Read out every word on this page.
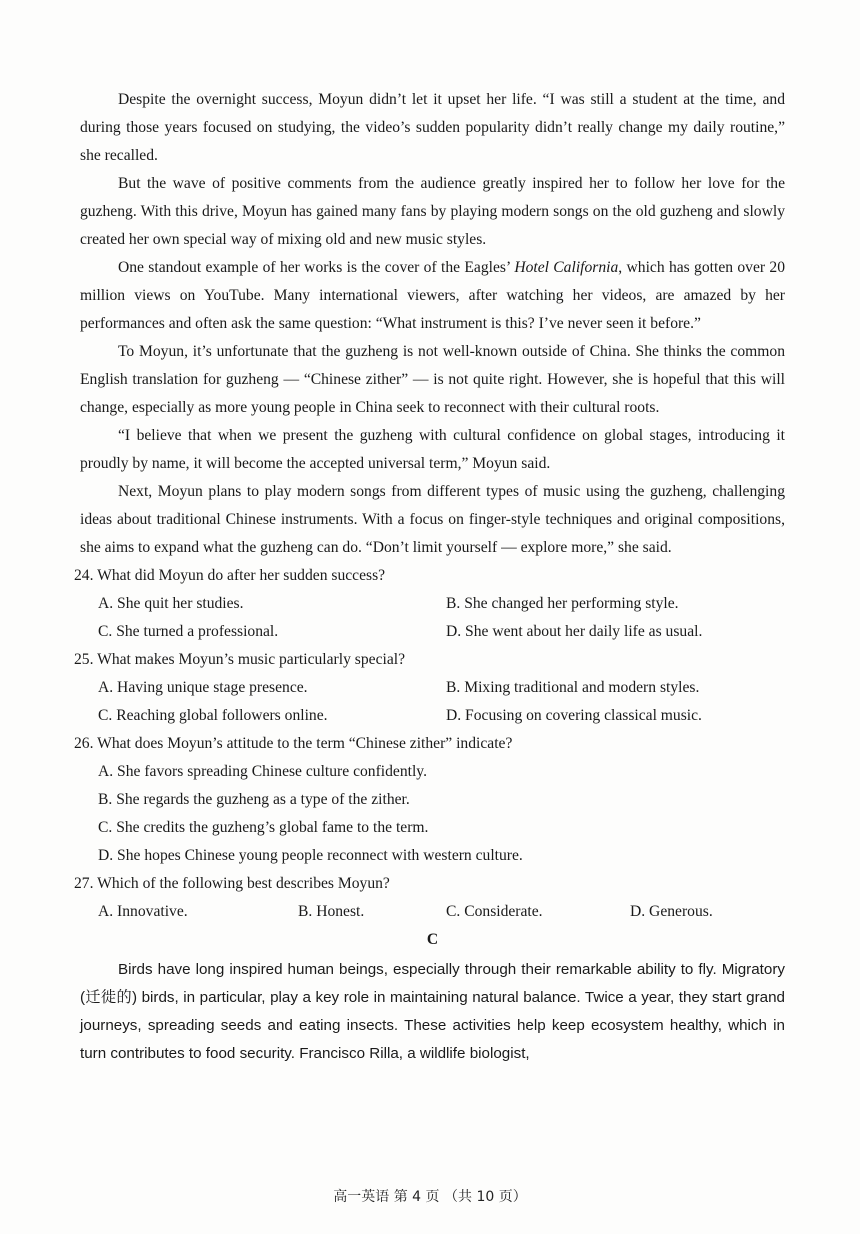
Despite the overnight success, Moyun didn’t let it upset her life. “I was still a student at the time, and during those years focused on studying, the video’s sudden popularity didn’t really change my daily routine,” she recalled.

But the wave of positive comments from the audience greatly inspired her to follow her love for the guzheng. With this drive, Moyun has gained many fans by playing modern songs on the old guzheng and slowly created her own special way of mixing old and new music styles.

One standout example of her works is the cover of the Eagles’ Hotel California, which has gotten over 20 million views on YouTube. Many international viewers, after watching her videos, are amazed by her performances and often ask the same question: “What instrument is this? I’ve never seen it before.”

To Moyun, it’s unfortunate that the guzheng is not well-known outside of China. She thinks the common English translation for guzheng — “Chinese zither” — is not quite right. However, she is hopeful that this will change, especially as more young people in China seek to reconnect with their cultural roots.

“I believe that when we present the guzheng with cultural confidence on global stages, introducing it proudly by name, it will become the accepted universal term,” Moyun said.

Next, Moyun plans to play modern songs from different types of music using the guzheng, challenging ideas about traditional Chinese instruments. With a focus on finger-style techniques and original compositions, she aims to expand what the guzheng can do. “Don’t limit yourself — explore more,” she said.

24. What did Moyun do after her sudden success?

A. She quit her studies.	B. She changed her performing style.

C. She turned a professional.	D. She went about her daily life as usual.

25. What makes Moyun’s music particularly special?

A. Having unique stage presence.	B. Mixing traditional and modern styles.

C. Reaching global followers online.	D. Focusing on covering classical music.

26. What does Moyun’s attitude to the term “Chinese zither” indicate?

A. She favors spreading Chinese culture confidently.

B. She regards the guzheng as a type of the zither.

C. She credits the guzheng’s global fame to the term.

D. She hopes Chinese young people reconnect with western culture.

27. Which of the following best describes Moyun?

A. Innovative.	B. Honest.	C. Considerate.	D. Generous.

C

Birds have long inspired human beings, especially through their remarkable ability to fly. Migratory (迁徙的) birds, in particular, play a key role in maintaining natural balance. Twice a year, they start grand journeys, spreading seeds and eating insects. These activities help keep ecosystem healthy, which in turn contributes to food security. Francisco Rilla, a wildlife biologist,

高一英语 第 4 页 （共 10 页）
